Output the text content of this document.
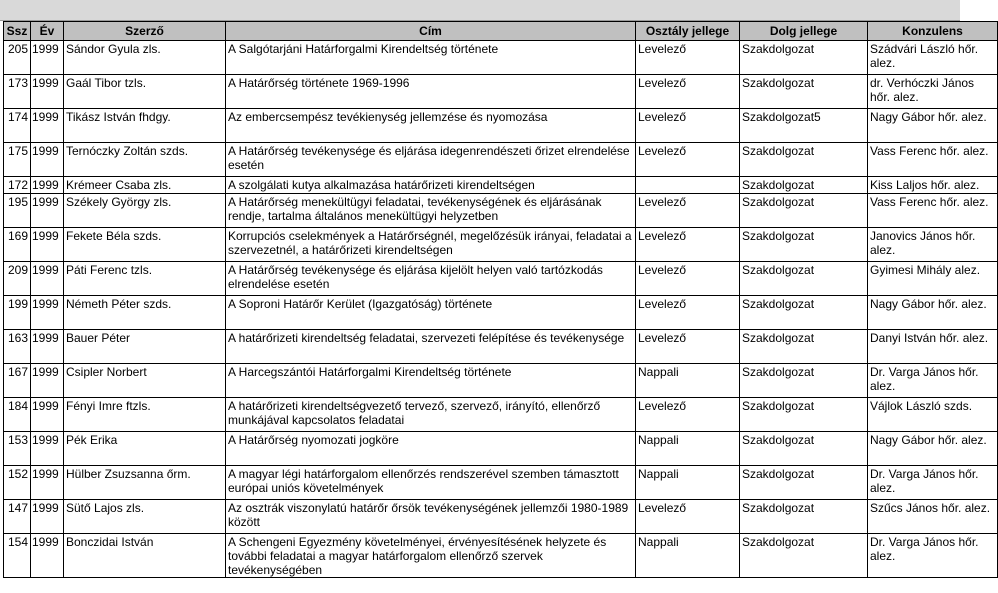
Ssz	Év	Szerző	Cím	Osztály jellege	Dolg jellege	Konzulens
205	1999	Sándor Gyula zls.	A Salgótarjáni Határforgalmi Kirendeltség története	Levelező	Szakdolgozat	Szádvári László hőr. alez.
173	1999	Gaál Tibor tzls.	A Határőrség története 1969-1996	Levelező	Szakdolgozat	dr. Verhóczki János hőr. alez.
174	1999	Tikász István fhdgy.	Az embercsempész tevékienység jellemzése és nyomozása	Levelező	Szakdolgozat5	Nagy Gábor hőr. alez.
175	1999	Ternóczky Zoltán szds.	A Határőrség tevékenysége és eljárása idegenrendészeti őrizet elrendelése esetén	Levelező	Szakdolgozat	Vass Ferenc hőr. alez.
172	1999	Krémeer Csaba zls.	A szolgálati kutya alkalmazása határőrizeti kirendeltségen		Szakdolgozat	Kiss Laljos hőr. alez.
195	1999	Székely György zls.	A Határőrség menekültügyi feladatai, tevékenységének és eljárásának rendje, tartalma általános menekültügyi helyzetben	Levelező	Szakdolgozat	Vass Ferenc hőr. alez.
169	1999	Fekete Béla szds.	Korrupciós cselekmények a Határőrségnél, megelőzésük irányai, feladatai a szervezetnél, a határőrizeti kirendeltségen	Levelező	Szakdolgozat	Janovics János hőr. alez.
209	1999	Páti Ferenc tzls.	A Határőrség tevékenysége és eljárása kijelölt helyen való tartózkodás elrendelése esetén	Levelező	Szakdolgozat	Gyimesi Mihály alez.
199	1999	Németh Péter szds.	A Soproni Határőr Kerület (Igazgatóság) története	Levelező	Szakdolgozat	Nagy Gábor hőr. alez.
163	1999	Bauer Péter	A határőrizeti kirendeltség feladatai, szervezeti felépítése és tevékenysége	Levelező	Szakdolgozat	Danyi István hőr. alez.
167	1999	Csipler Norbert	A Harcegszántói Határforgalmi Kirendeltség története	Nappali	Szakdolgozat	Dr. Varga János hőr. alez.
184	1999	Fényi Imre ftzls.	A határőrizeti kirendeltségvezető tervező, szervező, irányító, ellenőrző munkájával kapcsolatos feladatai	Levelező	Szakdolgozat	Vájlok László szds.
153	1999	Pék Erika	A Határőrség nyomozati jogköre	Nappali	Szakdolgozat	Nagy Gábor hőr. alez.
152	1999	Hülber Zsuzsanna őrm.	A magyar légi határforgalom ellenőrzés rendszerével szemben támasztott európai uniós követelmények	Nappali	Szakdolgozat	Dr. Varga János hőr. alez.
147	1999	Sütő Lajos zls.	Az osztrák viszonylatú határőr őrsök tevékenységének jellemzői 1980-1989 között	Levelező	Szakdolgozat	Szűcs János hőr. alez.
154	1999	Bonczidai István	A Schengeni Egyezmény követelményei, érvényesítésének helyzete és további feladatai a magyar határforgalom ellenőrző szervek tevékenységében	Nappali	Szakdolgozat	Dr. Varga János hőr. alez.
